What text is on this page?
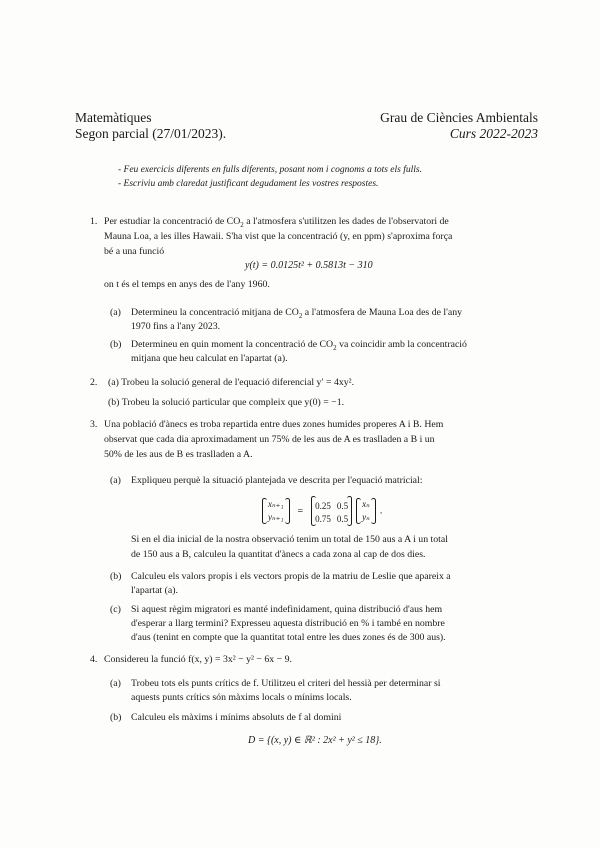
Matemàtiques
Segon parcial (27/01/2023).
Grau de Ciències Ambientals
Curs 2022-2023
- Feu exercicis diferents en fulls diferents, posant nom i cognoms a tots els fulls.
- Escriviu amb claredat justificant degudament les vostres respostes.
1. Per estudiar la concentració de $CO_2$ a l'atmosfera s'utilitzen les dades de l'observatori de
Mauna Loa, a les illes Hawaii. S'ha vist que la concentració (y, en ppm) s'aproxima força
bé a una funció
y(t) = 0.0125t² + 0.5813t − 310
on t és el temps en anys des de l'any 1960.
(a) Determineu la concentració mitjana de $CO_2$ a l'atmosfera de Mauna Loa des de l'any
1970 fins a l'any 2023.
(b) Determineu en quin moment la concentració de $CO_2$ va coincidir amb la concentració
mitjana que heu calculat en l'apartat (a).
2. (a) Trobeu la solució general de l'equació diferencial y′ = 4xy².
(b) Trobeu la solució particular que compleix que y(0) = −1.
3. Una població d'ànecs es troba repartida entre dues zones humides properes A i B. Hem
observat que cada dia aproximadament un 75% de les aus de A es traslladen a B i un
50% de les aus de B es traslladen a A.
(a) Expliqueu perquè la situació plantejada ve descrita per l'equació matricial:
xₙ₊₁
yₙ₊₁
= 0.25 0.5
0.75 0.5

xₙ
yₙ
.
Si en el dia inicial de la nostra observació tenim un total de 150 aus a A i un total
de 150 aus a B, calculeu la quantitat d'ànecs a cada zona al cap de dos dies.
(b) Calculeu els valors propis i els vectors propis de la matriu de Leslie que apareix a
l'apartat (a).
(c) Si aquest règim migratori es manté indefinidament, quina distribució d'aus hem
d'esperar a llarg termini? Expresseu aquesta distribució en % i també en nombre
d'aus (tenint en compte que la quantitat total entre les dues zones és de 300 aus).
4. Considereu la funció f(x, y) = 3x² − y² − 6x − 9.
(a) Trobeu tots els punts crítics de f. Utilitzeu el criteri del hessià per determinar si
aquests punts crítics són màxims locals o mínims locals.
(b) Calculeu els màxims i mínims absoluts de f al domini
D = {(x, y) ∈ ℝ² : 2x² + y² ≤ 18}.
